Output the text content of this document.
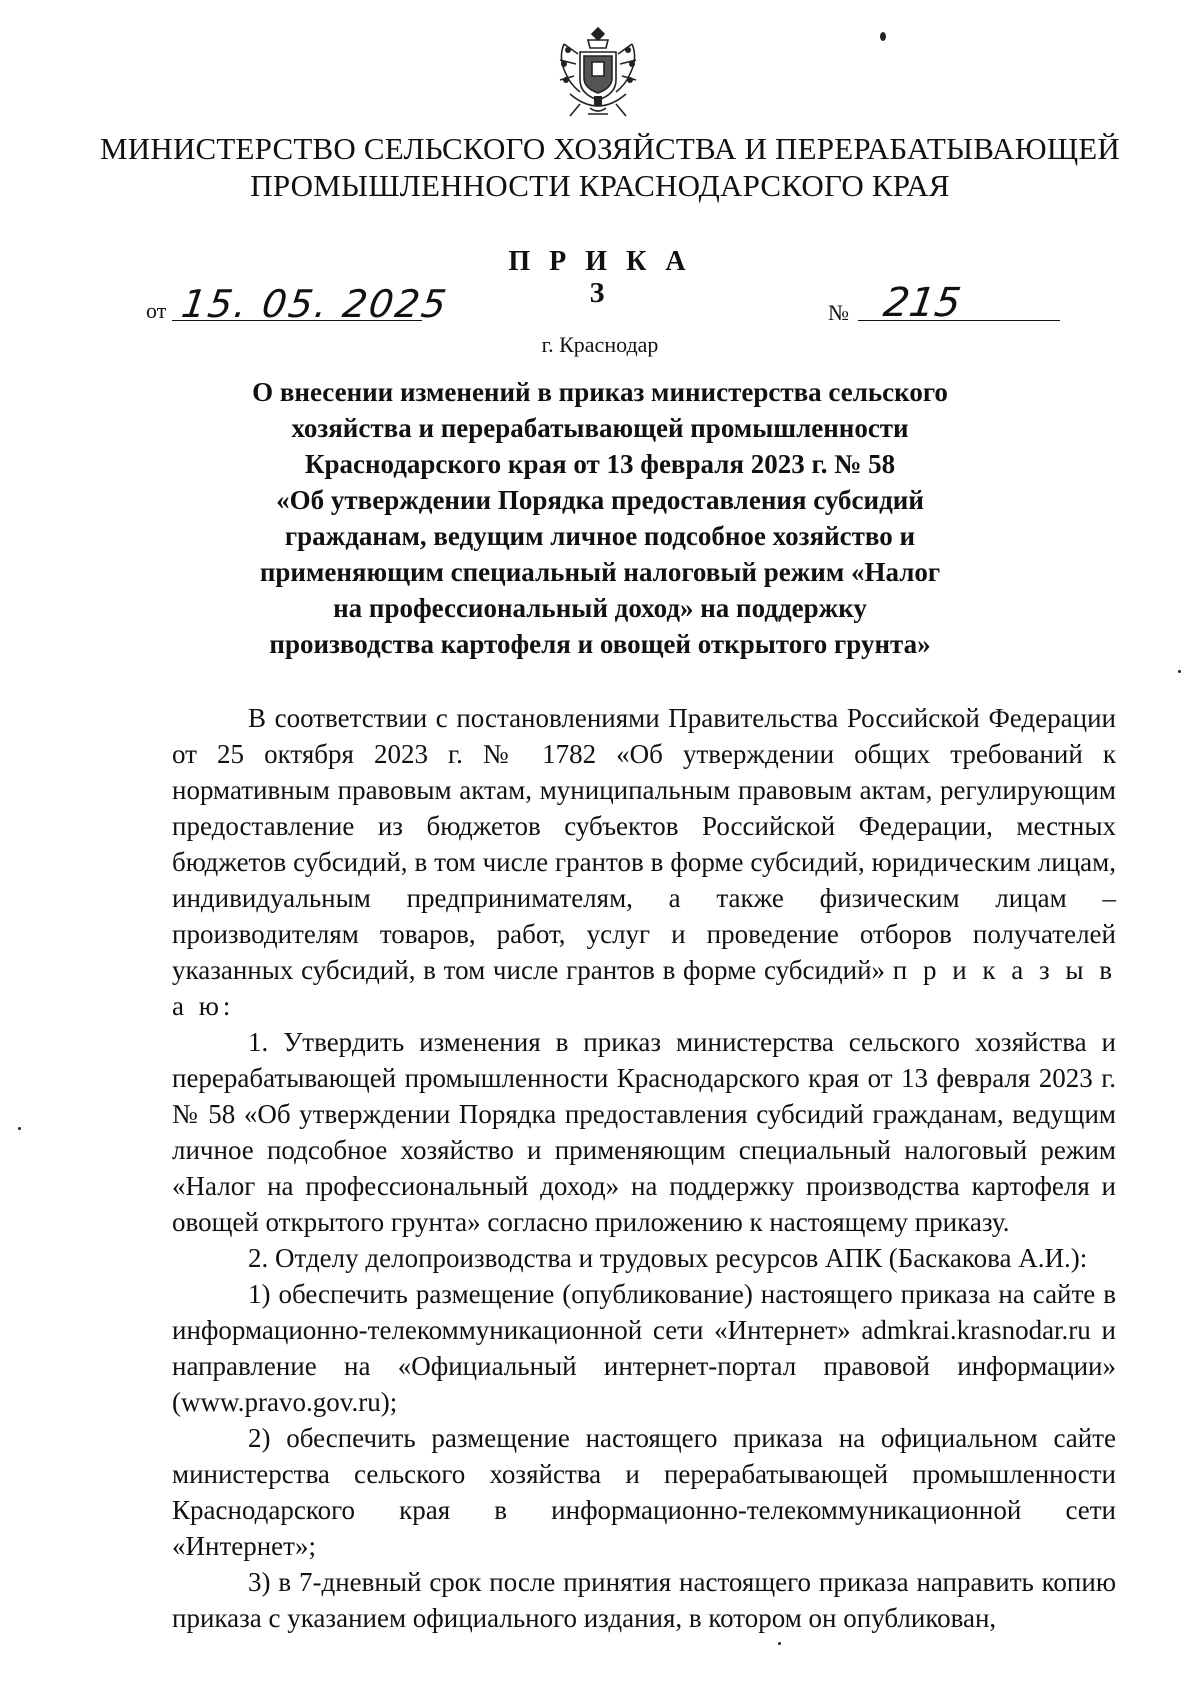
МИНИСТЕРСТВО СЕЛЬСКОГО ХОЗЯЙСТВА И ПЕРЕРАБАТЫВАЮЩЕЙ
ПРОМЫШЛЕННОСТИ КРАСНОДАРСКОГО КРАЯ
П Р И К А З
от 15. 05. 2025	№ 215
г. Краснодар
О внесении изменений в приказ министерства сельского
хозяйства и перерабатывающей промышленности
Краснодарского края от 13 февраля 2023 г. № 58
«Об утверждении Порядка предоставления субсидий
гражданам, ведущим личное подсобное хозяйство и
применяющим специальный налоговый режим «Налог
на профессиональный доход» на поддержку
производства картофеля и овощей открытого грунта»

В соответствии с постановлениями Правительства Российской Федерации от 25 октября 2023 г. № 1782 «Об утверждении общих требований к нормативным правовым актам, муниципальным правовым актам, регулирующим предоставление из бюджетов субъектов Российской Федерации, местных бюджетов субсидий, в том числе грантов в форме субсидий, юридическим лицам, индивидуальным предпринимателям, а также физическим лицам – производителям товаров, работ, услуг и проведение отборов получателей указанных субсидий, в том числе грантов в форме субсидий» п р и к а з ы в а ю:

1. Утвердить изменения в приказ министерства сельского хозяйства и перерабатывающей промышленности Краснодарского края от 13 февраля 2023 г. № 58 «Об утверждении Порядка предоставления субсидий гражданам, ведущим личное подсобное хозяйство и применяющим специальный налоговый режим «Налог на профессиональный доход» на поддержку производства картофеля и овощей открытого грунта» согласно приложению к настоящему приказу.

2. Отделу делопроизводства и трудовых ресурсов АПК (Баскакова А.И.):

1) обеспечить размещение (опубликование) настоящего приказа на сайте в информационно-телекоммуникационной сети «Интернет» admkrai.krasnodar.ru и направление на «Официальный интернет-портал правовой информации» (www.pravo.gov.ru);

2) обеспечить размещение настоящего приказа на официальном сайте министерства сельского хозяйства и перерабатывающей промышленности Краснодарского края в информационно-телекоммуникационной сети «Интернет»;

3) в 7-дневный срок после принятия настоящего приказа направить копию приказа с указанием официального издания, в котором он опубликован,
